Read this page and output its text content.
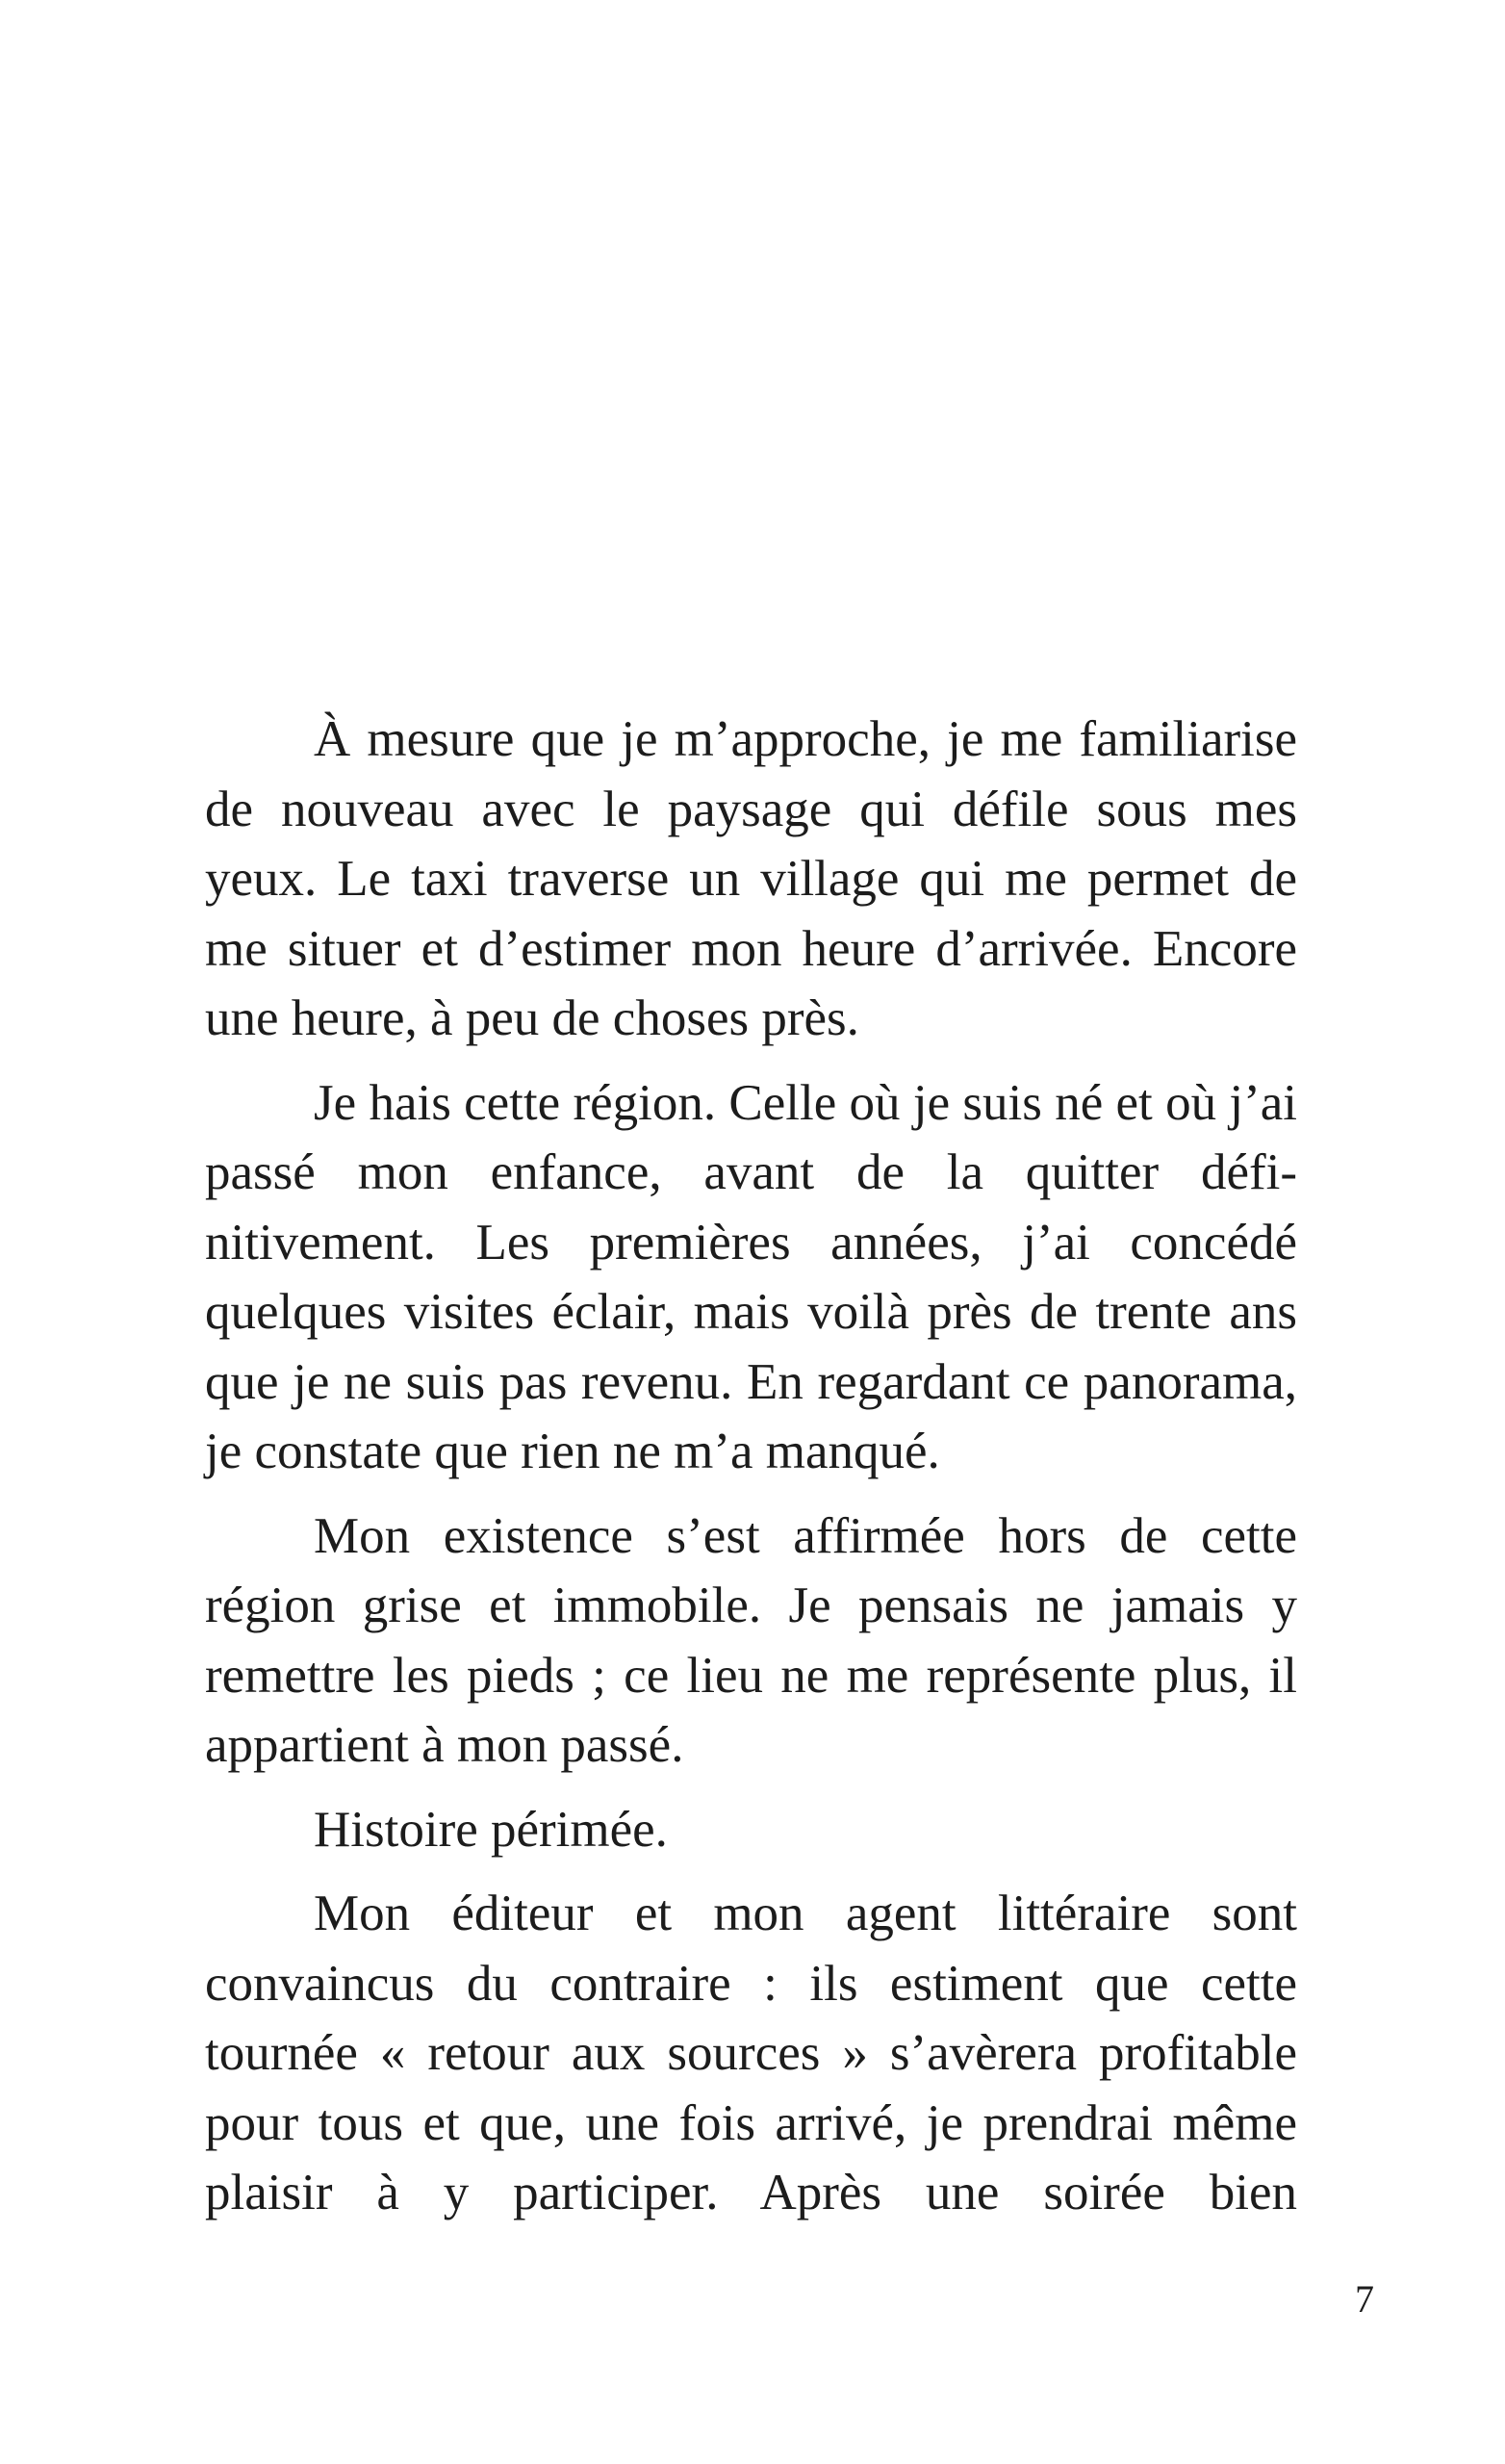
À mesure que je m’approche, je me familiarise de nouveau avec le paysage qui défile sous mes yeux. Le taxi traverse un village qui me permet de me situer et d’estimer mon heure d’arrivée. Encore une heure, à peu de choses près.

Je hais cette région. Celle où je suis né et où j’ai passé mon enfance, avant de la quitter définitivement. Les premières années, j’ai concédé quelques visites éclair, mais voilà près de trente ans que je ne suis pas revenu. En regardant ce panorama, je constate que rien ne m’a manqué.

Mon existence s’est affirmée hors de cette région grise et immobile. Je pensais ne jamais y remettre les pieds ; ce lieu ne me représente plus, il appartient à mon passé.

Histoire périmée.

Mon éditeur et mon agent littéraire sont convaincus du contraire : ils estiment que cette tournée « retour aux sources » s’avèrera profitable pour tous et que, une fois arrivé, je prendrai même plaisir à y participer. Après une soirée bien

7
